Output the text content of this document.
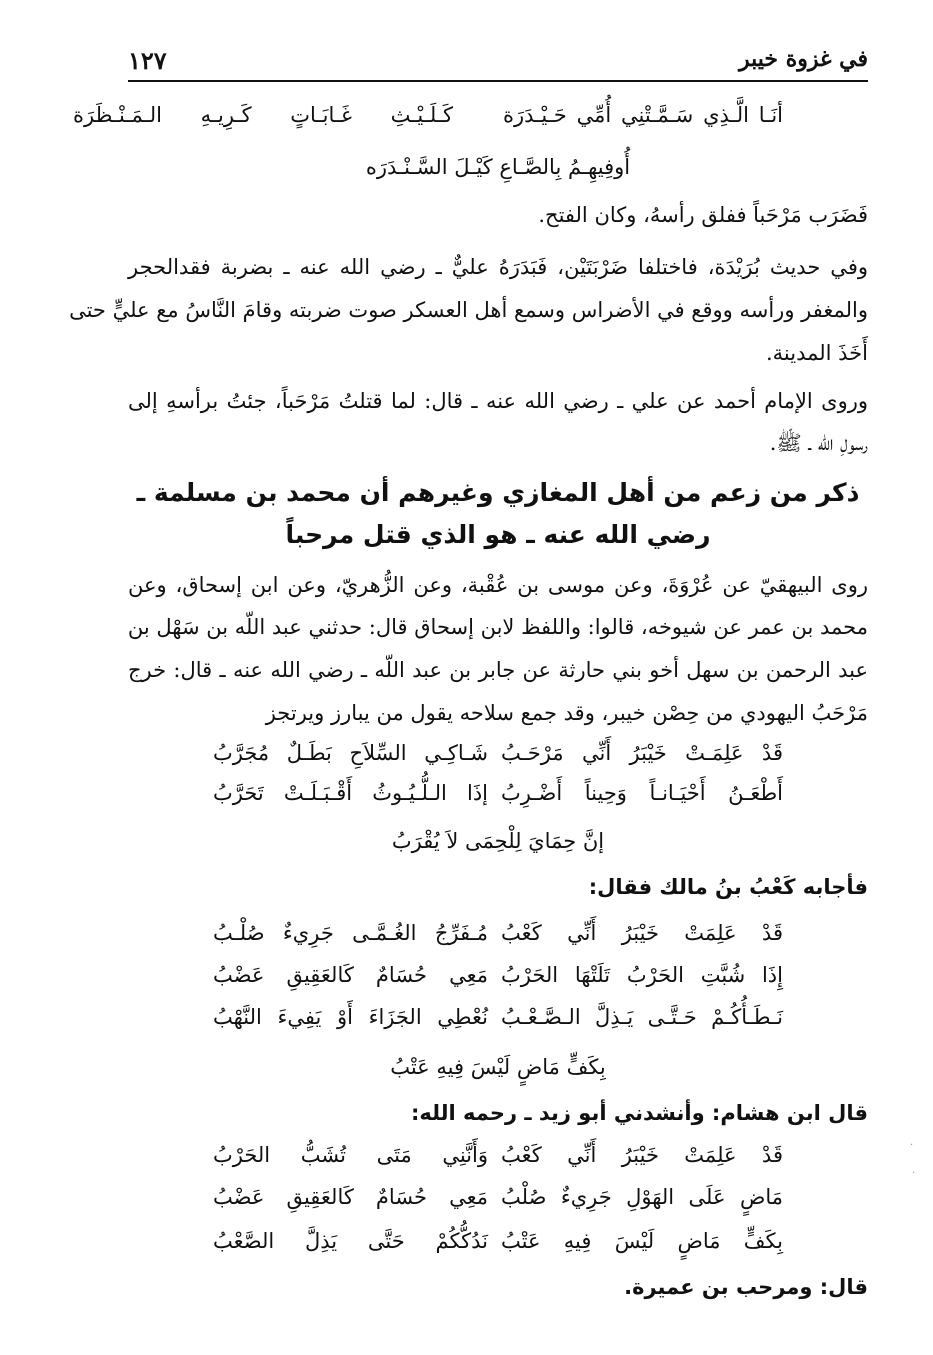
١٢٧	في غزوة خيبر
أنَـا الَّـذِي سَـمَّـتْنِي أُمِّي حَـيْـدَرَة
كَـلَـيْـثِ غَـابَـاتٍ كَـرِيـهِ الـمَـنْـظَرَة
أُوفِيهِـمُ بِالصَّـاعِ كَيْـلَ السَّـنْـدَرَه
فَضَرَب مَرْحَباً ففلق رأسهُ، وكان الفتح.
وفي حديث بُرَيْدَة، فاختلفا ضَرْبَتَيْن، فَبَدَرَهُ عليٌّ ـ رضي الله عنه ـ بضربة فقدالحجر
والمغفر ورأسه ووقع في الأضراس وسمع أهل العسكر صوت ضربته وقامَ النَّاسُ مع عليٍّ حتى
أَخَذَ المدينة.
وروى الإمام أحمد عن علي ـ رضي الله عنه ـ قال: لما قتلتُ مَرْحَباً، جئتُ برأسهِ إلى
رسولِ الله ـ ﷺ.
ذكر من زعم من أهل المغازي وغيرهم أن محمد بن مسلمة ـ
رضي الله عنه ـ هو الذي قتل مرحباً
روى البيهقيّ عن عُرْوَةَ، وعن موسى بن عُقْبة، وعن الزُّهريّ، وعن ابن إسحاق، وعن
محمد بن عمر عن شيوخه، قالوا: واللفظ لابن إسحاق قال: حدثني عبد اللّه بن سَهْل بن
عبد الرحمن بن سهل أخو بني حارثة عن جابر بن عبد اللّه ـ رضي الله عنه ـ قال: خرج
مَرْحَبُ اليهودي من حِصْن خيبر، وقد جمع سلاحه يقول من يبارز ويرتجز
قَدْ عَلِمَـتْ خَيْبَرُ أَنِّي مَرْحَـبُ
شَـاكِـي السِّلاَحِ بَطَـلٌ مُجَرَّبُ
أَطْعَـنُ أَحْيَـانـاً وَحِيناً أَضْـرِبُ
إذَا الـلُّـيُـوثُ أَقْـبَـلَـتْ تَحَرَّبُ
إنَّ حِمَايَ لِلْحِمَى لاَ يُقْرَبُ
فأجابه كَعْبُ بنُ مالك فقال:
قَدْ عَلِمَتْ خَيْبَرُ أَنِّي كَعْبُ
مُـفَرِّجُ الغُـمَّـى جَرِيءٌ صُلْـبُ
إِذَا شُبَّتِ الحَرْبُ تَلَتْهَا الحَرْبُ
مَعِي حُسَامٌ كَالعَقِيقِ عَضْبُ
نَـطَـأُكُـمْ حَـتَّـى يَـذِلَّ الـصَّـعْـبُ
نُعْطِي الجَزَاءَ أَوْ يَفِيءَ النَّهْبُ
بِكَفٍّ مَاضٍ لَيْسَ فِيهِ عَتْبُ
قال ابن هشام: وأنشدني أبو زيد ـ رحمه الله:
قَدْ عَلِمَتْ خَيْبَرُ أَنِّي كَعْبُ
وَأَنَّنِي مَتَى تُشَبُّ الحَرْبُ
مَاضٍ عَلَى الهَوْلِ جَرِيءٌ صُلْبُ
مَعِي حُسَامٌ كَالعَقِيقِ عَضْبُ
بِكَفٍّ مَاضٍ لَيْسَ فِيهِ عَتْبُ
نَدُكُّكُمْ حَتَّى يَذِلَّ الصَّعْبُ
قال: ومرحب بن عميرة.
·
·
